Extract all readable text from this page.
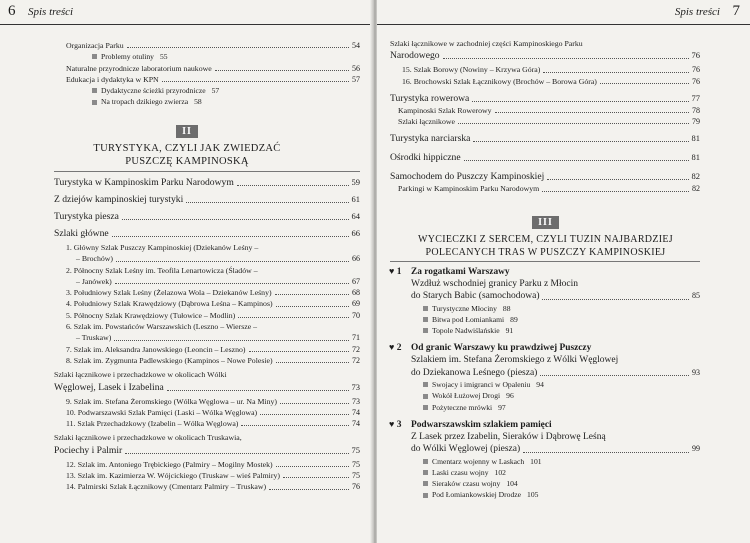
6 Spis treści
Organizacja Parku	54
Problemy otuliny 55
Naturalne przyrodnicze laboratorium naukowe	56
Edukacja i dydaktyka w KPN	57
Dydaktyczne ścieżki przyrodnicze 57
Na tropach dzikiego zwierza 58
II
TURYSTYKA, CZYLI JAK ZWIEDZAĆ
PUSZCZĘ KAMPINOSKĄ
Turystyka w Kampinoskim Parku Narodowym	59
Z dziejów kampinoskiej turystyki	61
Turystyka piesza	64
Szlaki główne	66
1. Główny Szlak Puszczy Kampinoskiej (Dziekanów Leśny –
– Brochów)	66
2. Północny Szlak Leśny im. Teofila Lenartowicza (Śladów –
– Janówek)	67
3. Południowy Szlak Leśny (Żelazowa Wola – Dziekanów Leśny)	68
4. Południowy Szlak Krawędziowy (Dąbrowa Leśna – Kampinos)	69
5. Północny Szlak Krawędziowy (Tułowice – Modlin)	70
6. Szlak im. Powstańców Warszawskich (Leszno – Wiersze –
– Truskaw)	71
7. Szlak im. Aleksandra Janowskiego (Leoncin – Leszno)	72
8. Szlak im. Zygmunta Padlewskiego (Kampinos – Nowe Polesie)	72
Szlaki łącznikowe i przechadzkowe w okolicach Wólki
Węglowej, Lasek i Izabelina	73
9. Szlak im. Stefana Żeromskiego (Wólka Węglowa – ur. Na Miny)	73
10. Podwarszawski Szlak Pamięci (Laski – Wólka Węglowa)	74
11. Szlak Przechadzkowy (Izabelin – Wólka Węglowa)	74
Szlaki łącznikowe i przechadzkowe w okolicach Truskawia,
Pociechy i Palmir	75
12. Szlak im. Antoniego Trębickiego (Palmiry – Mogilny Mostek)	75
13. Szlak im. Kazimierza W. Wójcickiego (Truskaw – wieś Palmiry)	75
14. Palmirski Szlak Łącznikowy (Cmentarz Palmiry – Truskaw)	76
Spis treści 7
Szlaki łącznikowe w zachodniej części Kampinoskiego Parku
Narodowego	76
15. Szlak Borowy (Nowiny – Krzywa Góra)	76
16. Brochowski Szlak Łącznikowy (Brochów – Borowa Góra)	76
Turystyka rowerowa	77
Kampinoski Szlak Rowerowy	78
Szlaki łącznikowe	79
Turystyka narciarska	81
Ośrodki hippiczne	81
Samochodem do Puszczy Kampinoskiej	82
Parkingi w Kampinoskim Parku Narodowym	82
III
WYCIECZKI Z SERCEM, CZYLI TUZIN NAJBARDZIEJ
POLECANYCH TRAS W PUSZCZY KAMPINOSKIEJ
♥ 1	Za rogatkami Warszawy
Wzdłuż wschodniej granicy Parku z Młocin
do Starych Babic (samochodowa)	85
Turystyczne Młociny 88
Bitwa pod Łomiankami 89
Topole Nadwiślańskie 91
♥ 2	Od granic Warszawy ku prawdziwej Puszczy
Szlakiem im. Stefana Żeromskiego z Wólki Węglowej
do Dziekanowa Leśnego (piesza)	93
Swojacy i imigranci w Opaleniu 94
Wokół Łużowej Drogi 96
Pożyteczne mrówki 97
♥ 3	Podwarszawskim szlakiem pamięci
Z Lasek przez Izabelin, Sieraków i Dąbrowę Leśną
do Wólki Węglowej (piesza)	99
Cmentarz wojenny w Laskach 101
Laski czasu wojny 102
Sieraków czasu wojny 104
Pod Łomiankowskiej Drodze 105
